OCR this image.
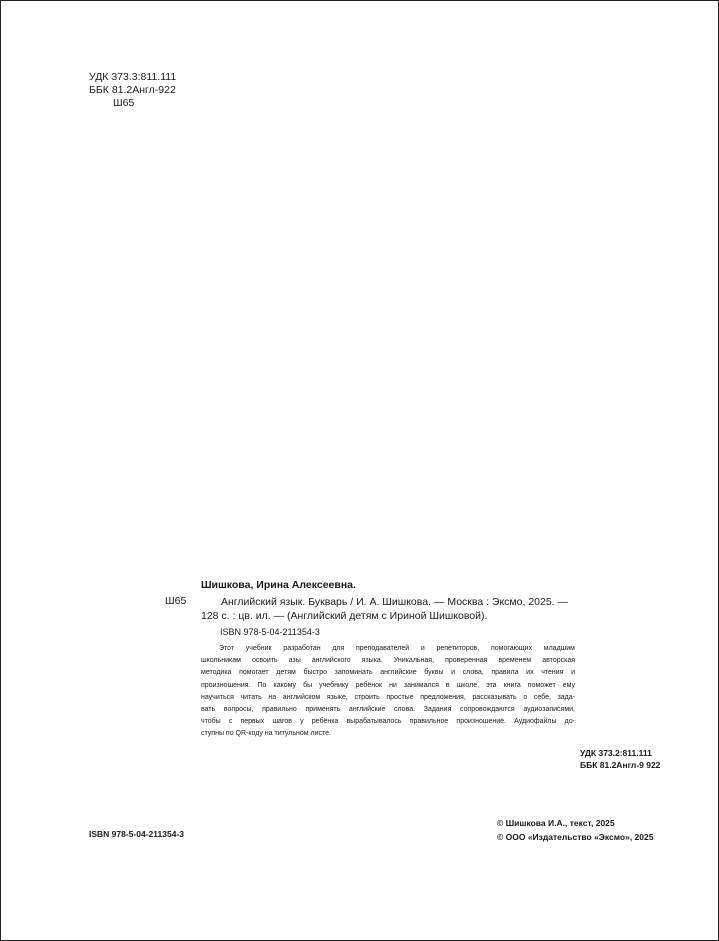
УДК 373.3:811.111
ББК 81.2Англ-922
Ш65
Шишкова, Ирина Алексеевна.
Ш65	Английский язык. Букварь / И. А. Шишкова. — Москва : Эксмо, 2025. —
128 с. : цв. ил. — (Английский детям с Ириной Шишковой).
ISBN 978-5-04-211354-3
Этот учебник разработан для преподавателей и репетиторов, помогающих младшим
школьникам освоить азы английского языка. Уникальная, проверенная временем авторская
методика помогает детям быстро запоминать английские буквы и слова, правила их чтения и
произношения. По какому бы учебнику ребёнок ни занимался в школе, эта книга поможет ему
научиться читать на английском языке, строить простые предложения, рассказывать о себе, зада-
вать вопросы, правильно применять английские слова. Задания сопровождаются аудиозаписями,
чтобы с первых шагов у ребёнка вырабатывалось правильное произношение. Аудиофайлы до-
ступны по QR-коду на титульном листе.
УДК 373.2:811.111
ББК 81.2Англ-9 922
ISBN 978-5-04-211354-3
© Шишкова И.А., текст, 2025
© ООО «Издательство «Эксмо», 2025
